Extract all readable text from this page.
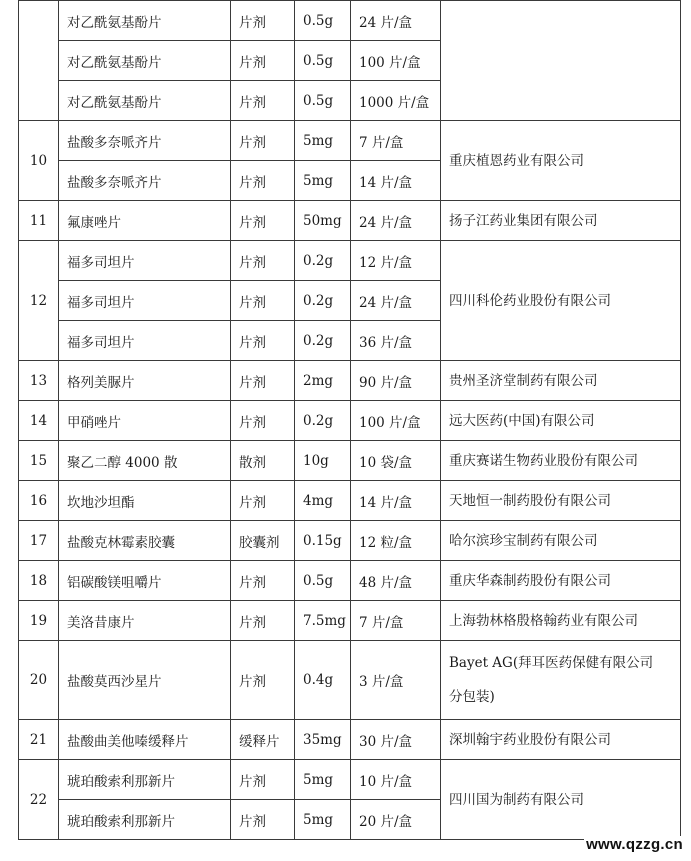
	对乙酰氨基酚片	片剂	0.5g	24 片/盒	
	对乙酰氨基酚片	片剂	0.5g	100 片/盒	
	对乙酰氨基酚片	片剂	0.5g	1000 片/盒	
10	盐酸多奈哌齐片	片剂	5mg	7 片/盒	重庆植恩药业有限公司
	盐酸多奈哌齐片	片剂	5mg	14 片/盒	
11	氟康唑片	片剂	50mg	24 片/盒	扬子江药业集团有限公司
12	福多司坦片	片剂	0.2g	12 片/盒	四川科伦药业股份有限公司
	福多司坦片	片剂	0.2g	24 片/盒	
	福多司坦片	片剂	0.2g	36 片/盒	
13	格列美脲片	片剂	2mg	90 片/盒	贵州圣济堂制药有限公司
14	甲硝唑片	片剂	0.2g	100 片/盒	远大医药(中国)有限公司
15	聚乙二醇 4000 散	散剂	10g	10 袋/盒	重庆赛诺生物药业股份有限公司
16	坎地沙坦酯	片剂	4mg	14 片/盒	天地恒一制药股份有限公司
17	盐酸克林霉素胶囊	胶囊剂	0.15g	12 粒/盒	哈尔滨珍宝制药有限公司
18	铝碳酸镁咀嚼片	片剂	0.5g	48 片/盒	重庆华森制药股份有限公司
19	美洛昔康片	片剂	7.5mg	7 片/盒	上海勃林格殷格翰药业有限公司
20	盐酸莫西沙星片	片剂	0.4g	3 片/盒	Bayet AG(拜耳医药保健有限公司
分包装)

21	盐酸曲美他嗪缓释片	缓释片	35mg	30 片/盒	深圳翰宇药业股份有限公司
22	琥珀酸索利那新片	片剂	5mg	10 片/盒	四川国为制药有限公司
	琥珀酸索利那新片	片剂	5mg	20 片/盒	
www.qzzg.cn
